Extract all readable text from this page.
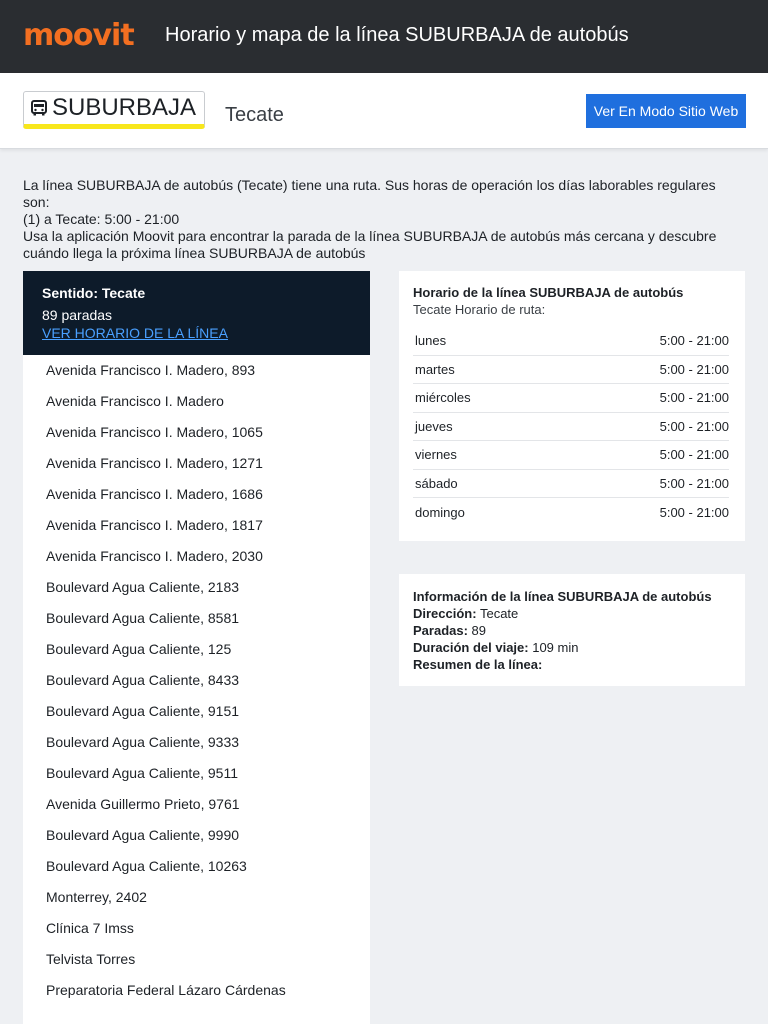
moovit Horario y mapa de la línea SUBURBAJA de autobús
SUBURBAJA Tecate	Ver En Modo Sitio Web
La línea SUBURBAJA de autobús (Tecate) tiene una ruta. Sus horas de operación los días laborables regulares son:
(1) a Tecate: 5:00 - 21:00
Usa la aplicación Moovit para encontrar la parada de la línea SUBURBAJA de autobús más cercana y descubre cuándo llega la próxima línea SUBURBAJA de autobús
Sentido: Tecate
89 paradas
VER HORARIO DE LA LÍNEA
Avenida Francisco I. Madero, 893
Avenida Francisco I. Madero
Avenida Francisco I. Madero, 1065
Avenida Francisco I. Madero, 1271
Avenida Francisco I. Madero, 1686
Avenida Francisco I. Madero, 1817
Avenida Francisco I. Madero, 2030
Boulevard Agua Caliente, 2183
Boulevard Agua Caliente, 8581
Boulevard Agua Caliente, 125
Boulevard Agua Caliente, 8433
Boulevard Agua Caliente, 9151
Boulevard Agua Caliente, 9333
Boulevard Agua Caliente, 9511
Avenida Guillermo Prieto, 9761
Boulevard Agua Caliente, 9990
Boulevard Agua Caliente, 10263
Monterrey, 2402
Clínica 7 Imss
Telvista Torres
Preparatoria Federal Lázaro Cárdenas
Horario de la línea SUBURBAJA de autobús
Tecate Horario de ruta:
lunes	5:00 - 21:00
martes	5:00 - 21:00
miércoles	5:00 - 21:00
jueves	5:00 - 21:00
viernes	5:00 - 21:00
sábado	5:00 - 21:00
domingo	5:00 - 21:00
Información de la línea SUBURBAJA de autobús
Dirección: Tecate
Paradas: 89
Duración del viaje: 109 min
Resumen de la línea:
